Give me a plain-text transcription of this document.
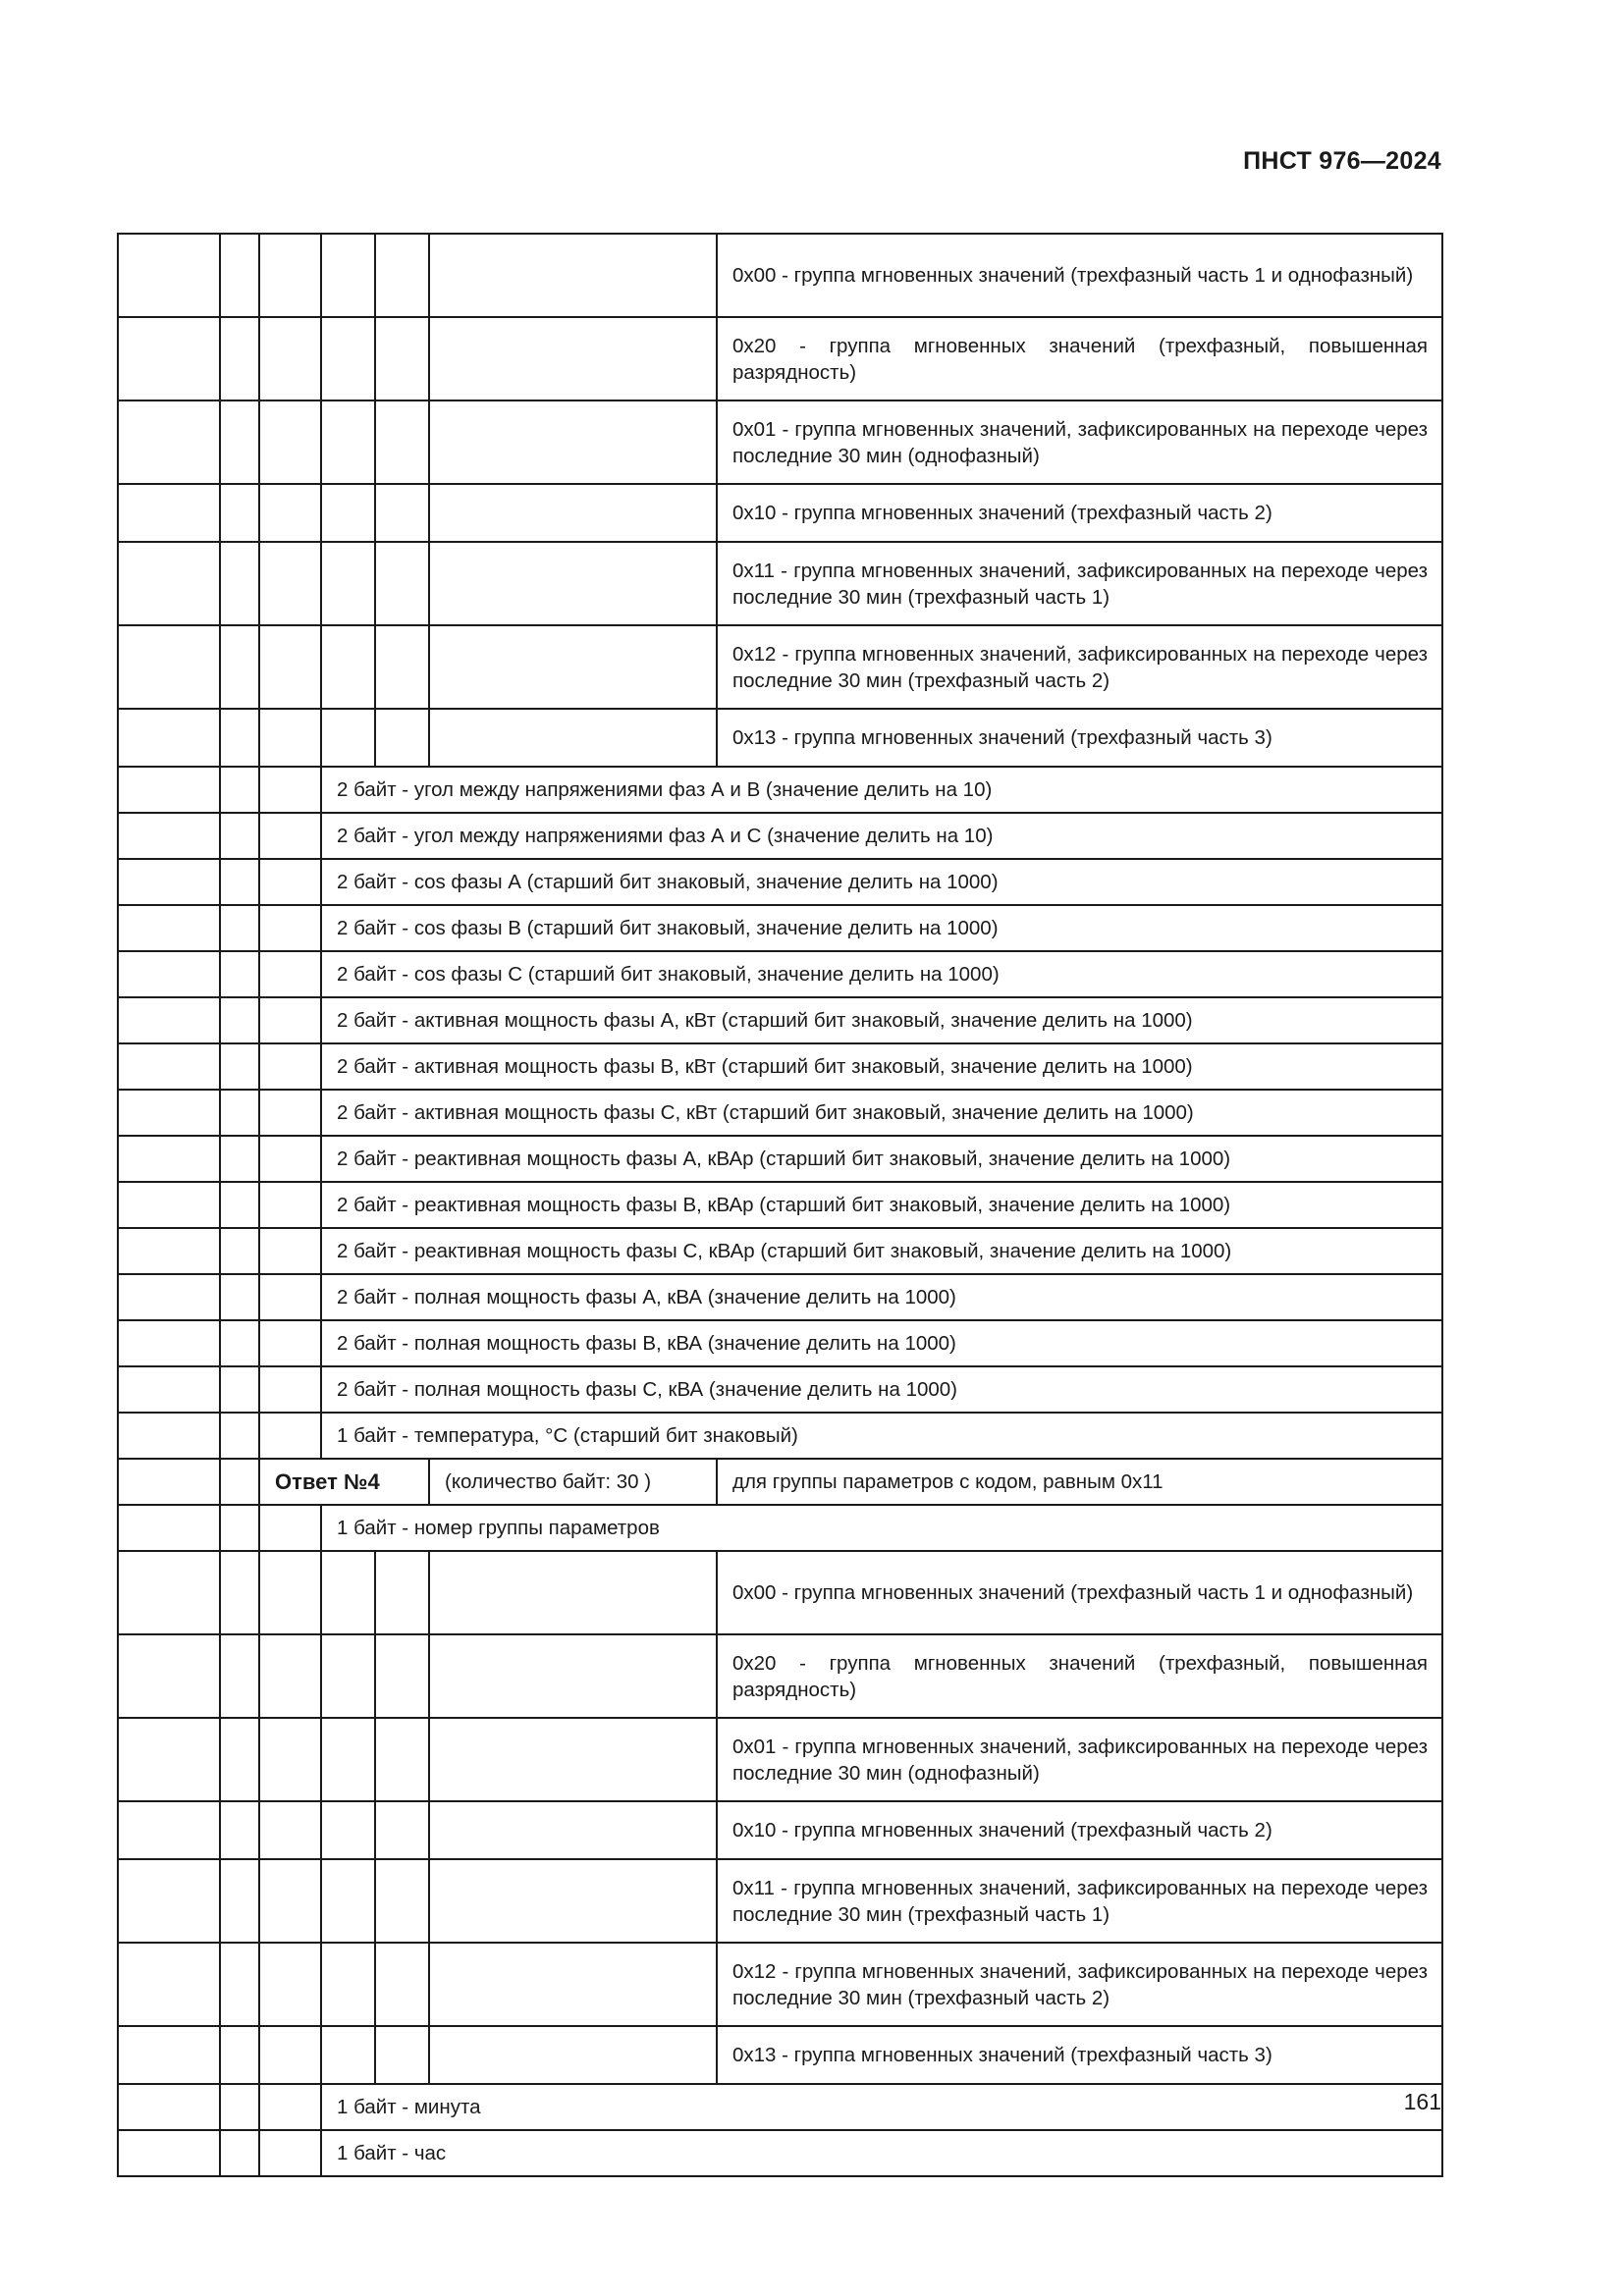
ПНСТ 976—2024
						0x00 - группа мгновенных значений (трехфазный часть 1 и однофазный)
						0x20 - группа мгновенных значений (трехфазный, повышенная разрядность)
						0x01 - группа мгновенных значений, зафиксированных на переходе через последние 30 мин (однофазный)
						0x10 - группа мгновенных значений (трехфазный часть 2)
						0x11 - группа мгновенных значений, зафиксированных на переходе через последние 30 мин (трехфазный часть 1)
						0x12 - группа мгновенных значений, зафиксированных на переходе через последние 30 мин (трехфазный часть 2)
						0x13 - группа мгновенных значений (трехфазный часть 3)
			2 байт - угол между напряжениями фаз А и В (значение делить на 10)			
			2 байт - угол между напряжениями фаз А и С (значение делить на 10)			
			2 байт - cos фазы А (старший бит знаковый, значение делить на 1000)			
			2 байт - cos фазы В (старший бит знаковый, значение делить на 1000)			
			2 байт - cos фазы С (старший бит знаковый, значение делить на 1000)			
			2 байт - активная мощность фазы А, кВт (старший бит знаковый, значение делить на 1000)			
			2 байт - активная мощность фазы В, кВт (старший бит знаковый, значение делить на 1000)			
			2 байт - активная мощность фазы С, кВт (старший бит знаковый, значение делить на 1000)			
			2 байт - реактивная мощность фазы А, кВАр (старший бит знаковый, значение делить на 1000)			
			2 байт - реактивная мощность фазы В, кВАр (старший бит знаковый, значение делить на 1000)			
			2 байт - реактивная мощность фазы С, кВАр (старший бит знаковый, значение делить на 1000)			
			2 байт - полная мощность фазы А, кВА (значение делить на 1000)			
			2 байт - полная мощность фазы В, кВА (значение делить на 1000)			
			2 байт - полная мощность фазы С, кВА (значение делить на 1000)			
			1 байт - температура, °С (старший бит знаковый)			
		Ответ №4			(количество байт: 30 )	для группы параметров с кодом, равным 0x11
			1 байт - номер группы параметров			
						0x00 - группа мгновенных значений (трехфазный часть 1 и однофазный)
						0x20 - группа мгновенных значений (трехфазный, повышенная разрядность)
						0x01 - группа мгновенных значений, зафиксированных на переходе через последние 30 мин (однофазный)
						0x10 - группа мгновенных значений (трехфазный часть 2)
						0x11 - группа мгновенных значений, зафиксированных на переходе через последние 30 мин (трехфазный часть 1)
						0x12 - группа мгновенных значений, зафиксированных на переходе через последние 30 мин (трехфазный часть 2)
						0x13 - группа мгновенных значений (трехфазный часть 3)
			1 байт - минута			
			1 байт - час			
161
